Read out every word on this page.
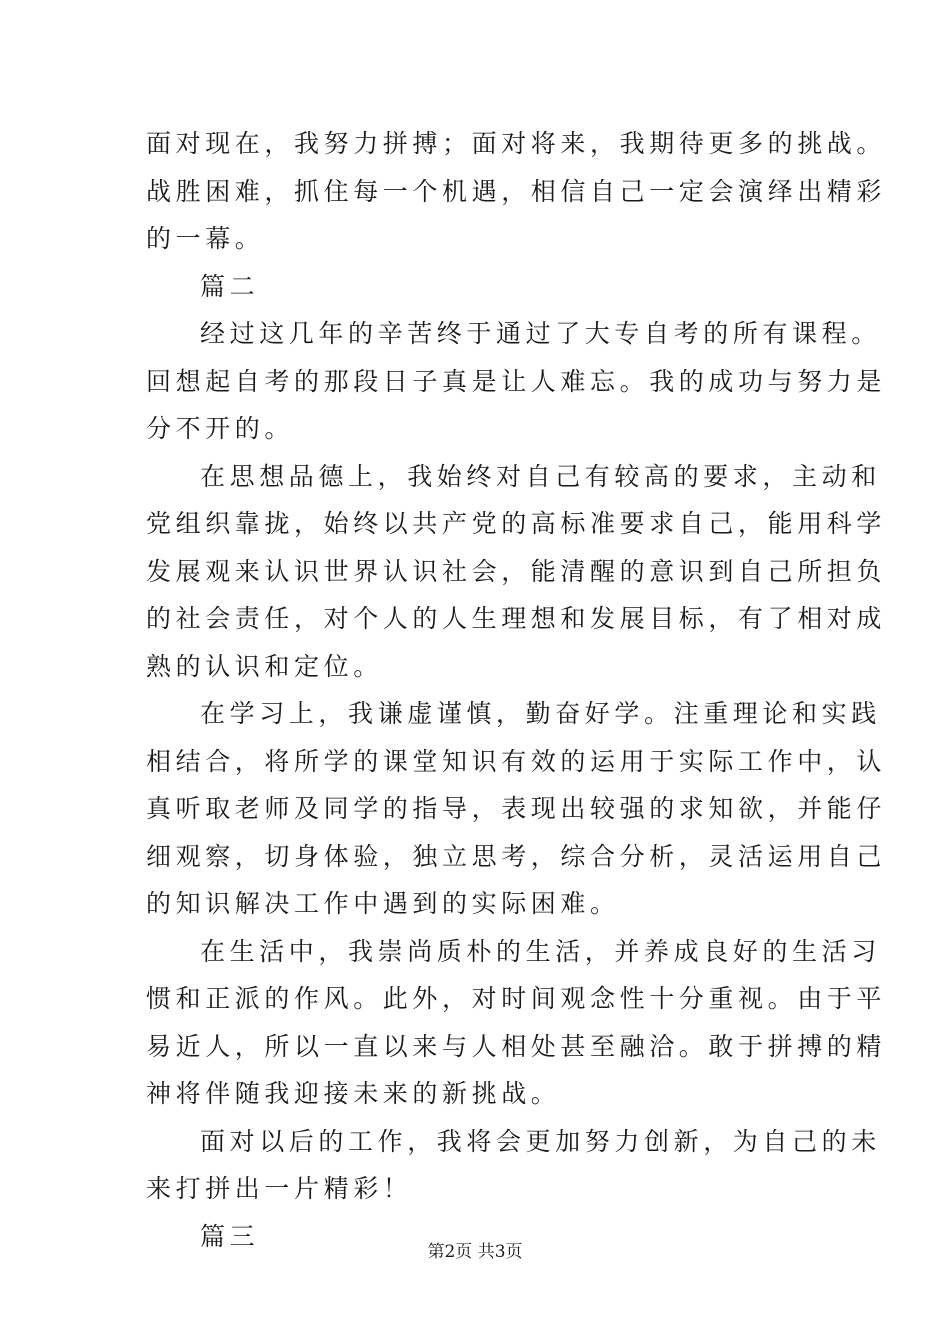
面对现在，我努力拼搏；面对将来，我期待更多的挑战。
战胜困难，抓住每一个机遇，相信自己一定会演绎出精彩
的一幕。
篇二
经过这几年的辛苦终于通过了大专自考的所有课程。
回想起自考的那段日子真是让人难忘。我的成功与努力是
分不开的。
在思想品德上，我始终对自己有较高的要求，主动和
党组织靠拢，始终以共产党的高标准要求自己，能用科学
发展观来认识世界认识社会，能清醒的意识到自己所担负
的社会责任，对个人的人生理想和发展目标，有了相对成
熟的认识和定位。
在学习上，我谦虚谨慎，勤奋好学。注重理论和实践
相结合，将所学的课堂知识有效的运用于实际工作中，认
真听取老师及同学的指导，表现出较强的求知欲，并能仔
细观察，切身体验，独立思考，综合分析，灵活运用自己
的知识解决工作中遇到的实际困难。
在生活中，我崇尚质朴的生活，并养成良好的生活习
惯和正派的作风。此外，对时间观念性十分重视。由于平
易近人，所以一直以来与人相处甚至融洽。敢于拼搏的精
神将伴随我迎接未来的新挑战。
面对以后的工作，我将会更加努力创新，为自己的未
来打拼出一片精彩！
篇三
第2页 共3页
